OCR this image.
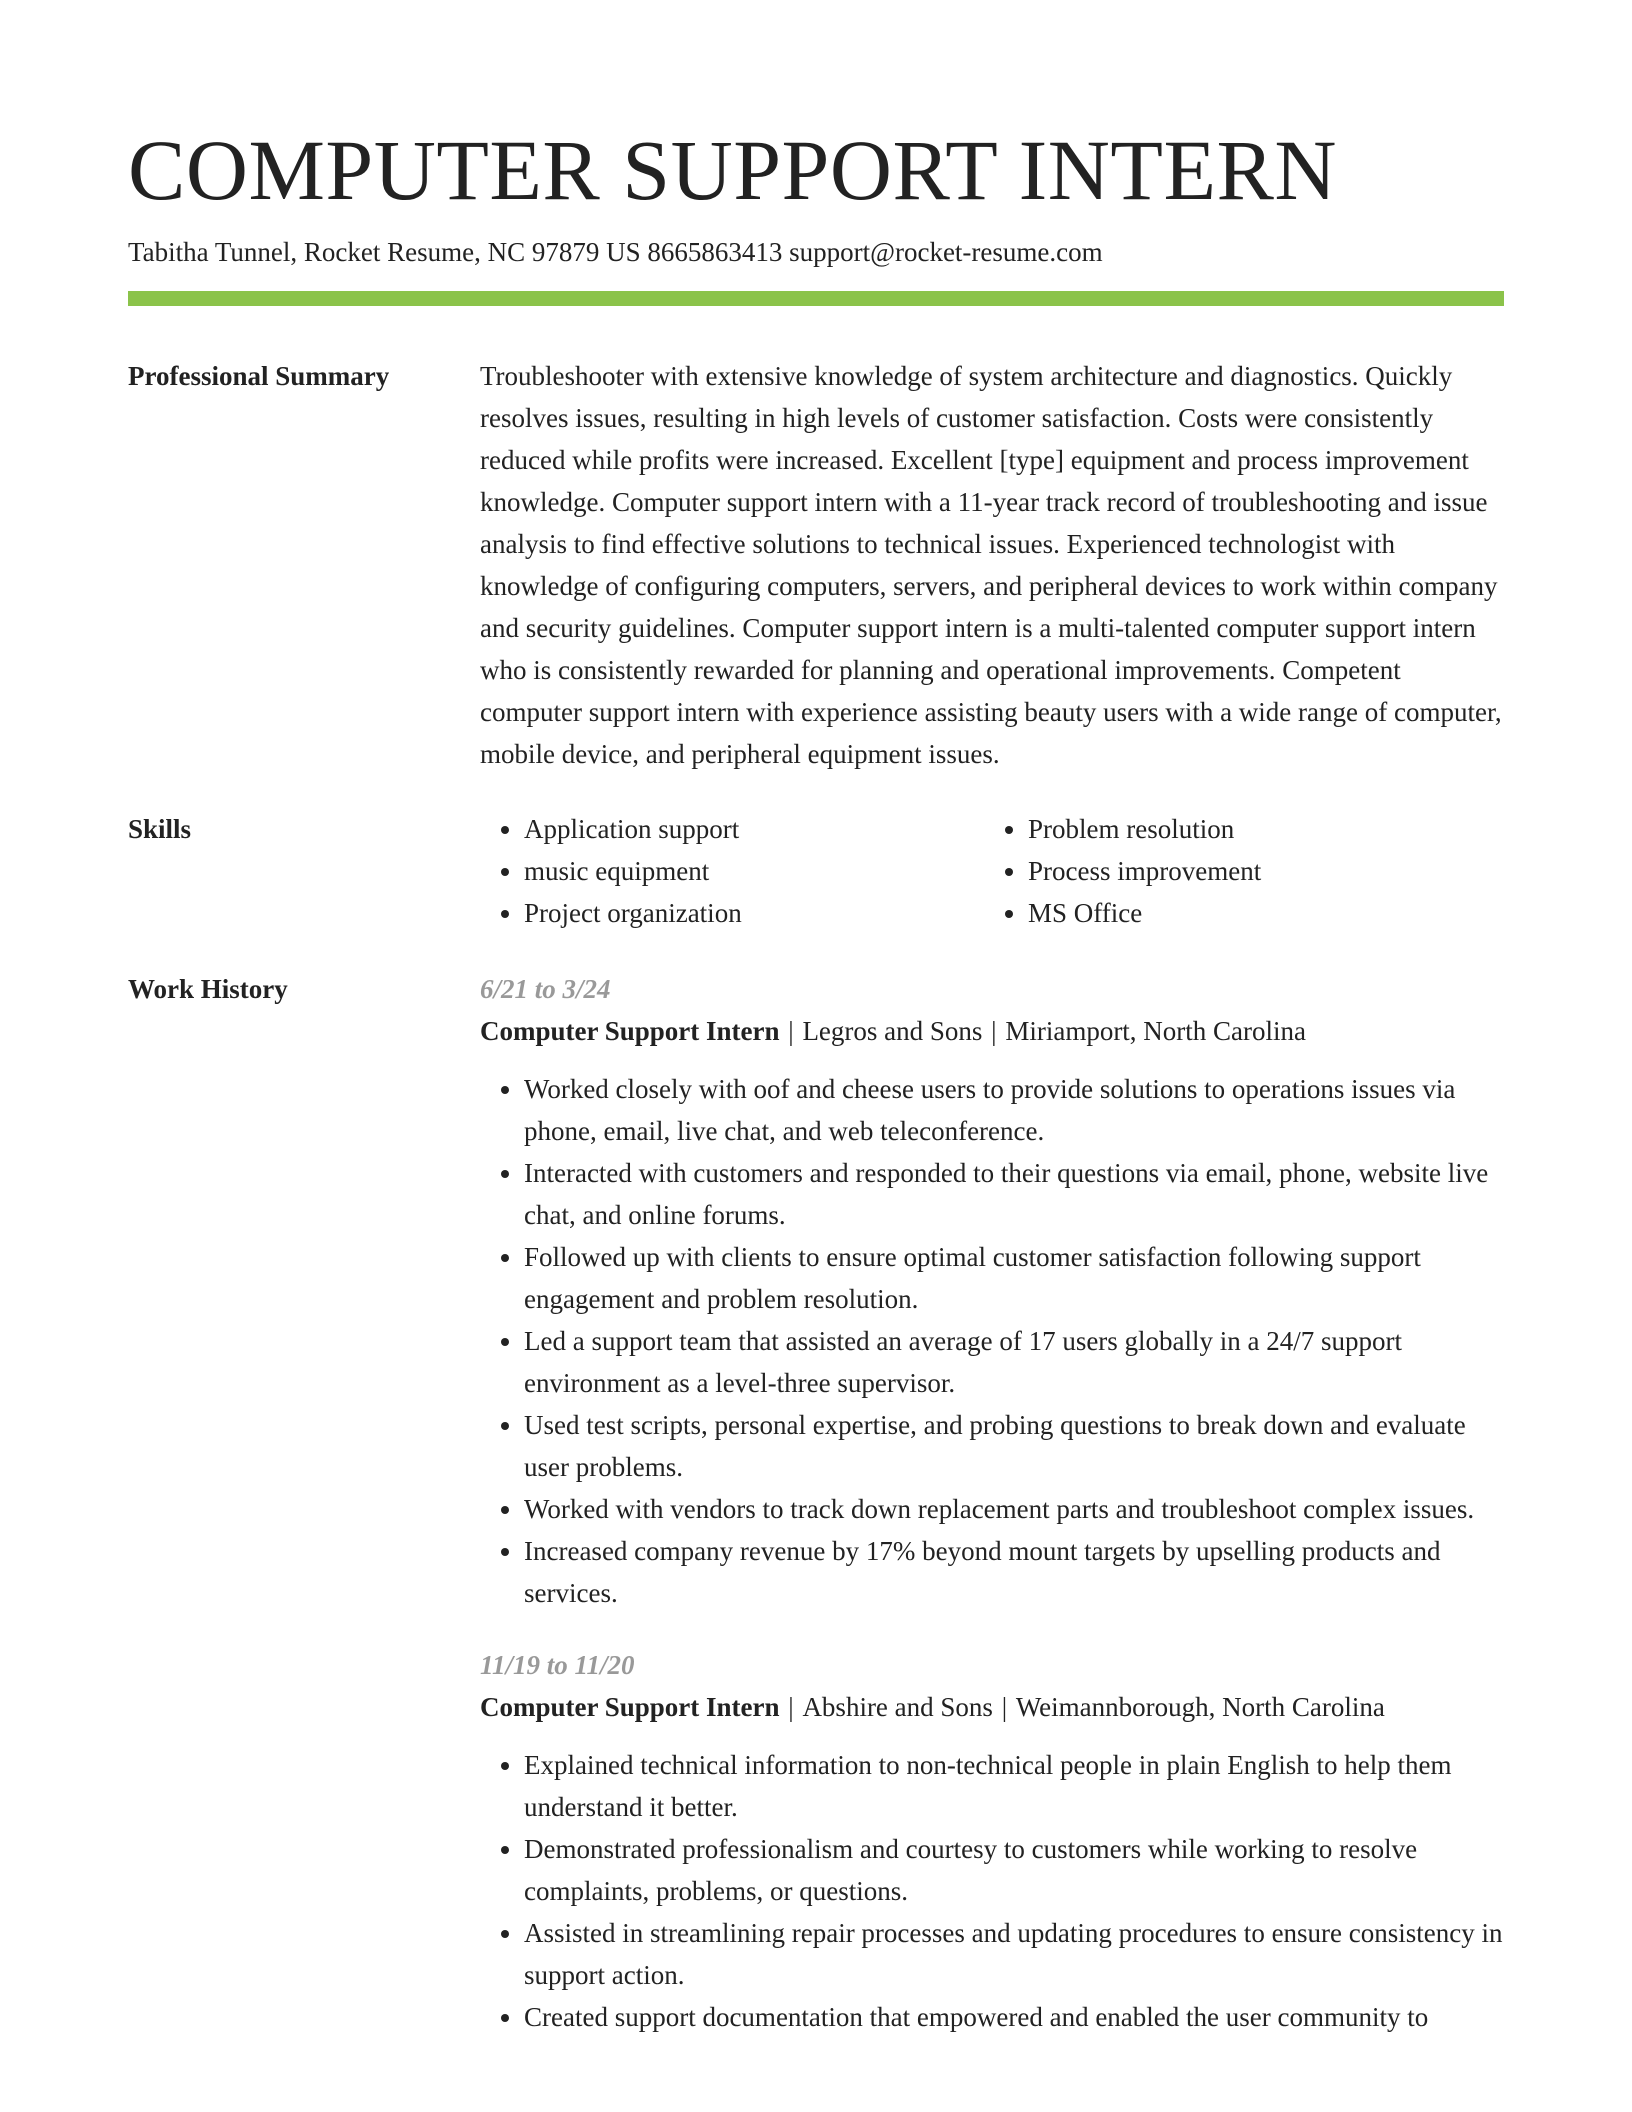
COMPUTER SUPPORT INTERN
Tabitha Tunnel, Rocket Resume, NC 97879 US 8665863413 support@rocket-resume.com
Professional Summary	Troubleshooter with extensive knowledge of system architecture and diagnostics. Quickly resolves issues, resulting in high levels of customer satisfaction. Costs were consistently reduced while profits were increased. Excellent [type] equipment and process improvement knowledge. Computer support intern with a 11-year track record of troubleshooting and issue analysis to find effective solutions to technical issues. Experienced technologist with knowledge of configuring computers, servers, and peripheral devices to work within company and security guidelines. Computer support intern is a multi-talented computer support intern who is consistently rewarded for planning and operational improvements. Competent computer support intern with experience assisting beauty users with a wide range of computer, mobile device, and peripheral equipment issues.

Skills
•	Application support
• music equipment
• Project organization
• Problem resolution
• Process improvement
• MS Office
Work History	6/21 to 3/24
Computer Support Intern | Legros and Sons | Miriamport, North Carolina
• Worked closely with oof and cheese users to provide solutions to operations issues via phone, email, live chat, and web teleconference.
• Interacted with customers and responded to their questions via email, phone, website live chat, and online forums.
• Followed up with clients to ensure optimal customer satisfaction following support engagement and problem resolution.
• Led a support team that assisted an average of 17 users globally in a 24/7 support environment as a level-three supervisor.
• Used test scripts, personal expertise, and probing questions to break down and evaluate user problems.
• Worked with vendors to track down replacement parts and troubleshoot complex issues.
• Increased company revenue by 17% beyond mount targets by upselling products and services.
11/19 to 11/20
Computer Support Intern | Abshire and Sons | Weimannborough, North Carolina
• Explained technical information to non-technical people in plain English to help them understand it better.
• Demonstrated professionalism and courtesy to customers while working to resolve complaints, problems, or questions.
• Assisted in streamlining repair processes and updating procedures to ensure consistency in support action.
• Created support documentation that empowered and enabled the user community to
